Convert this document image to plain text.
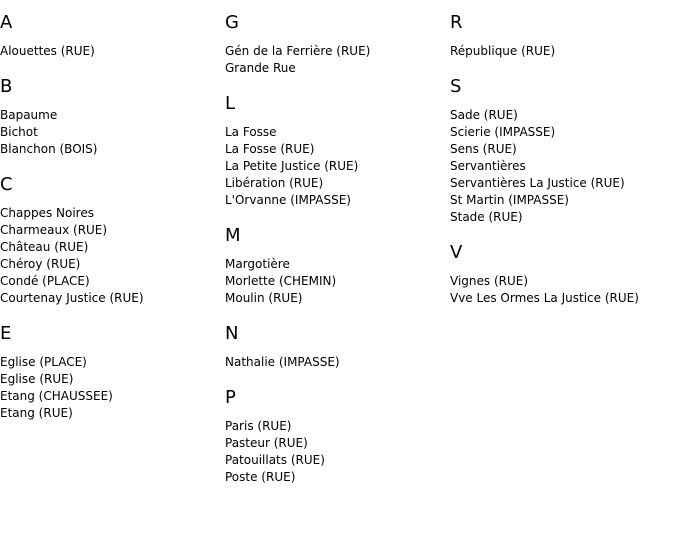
A
Alouettes (RUE)
B
Bapaume
Bichot
Blanchon (BOIS)
C
Chappes Noires
Charmeaux (RUE)
Château (RUE)
Chéroy (RUE)
Condé (PLACE)
Courtenay Justice (RUE)
E
Eglise (PLACE)
Eglise (RUE)
Etang (CHAUSSEE)
Etang (RUE)
G
Gén de la Ferrière (RUE)
Grande Rue
L
La Fosse
La Fosse (RUE)
La Petite Justice (RUE)
Libération (RUE)
L'Orvanne (IMPASSE)
M
Margotière
Morlette (CHEMIN)
Moulin (RUE)
N
Nathalie (IMPASSE)
P
Paris (RUE)
Pasteur (RUE)
Patouillats (RUE)
Poste (RUE)
R
République (RUE)
S
Sade (RUE)
Scierie (IMPASSE)
Sens (RUE)
Servantières
Servantières La Justice (RUE)
St Martin (IMPASSE)
Stade (RUE)
V
Vignes (RUE)
Vve Les Ormes La Justice (RUE)
